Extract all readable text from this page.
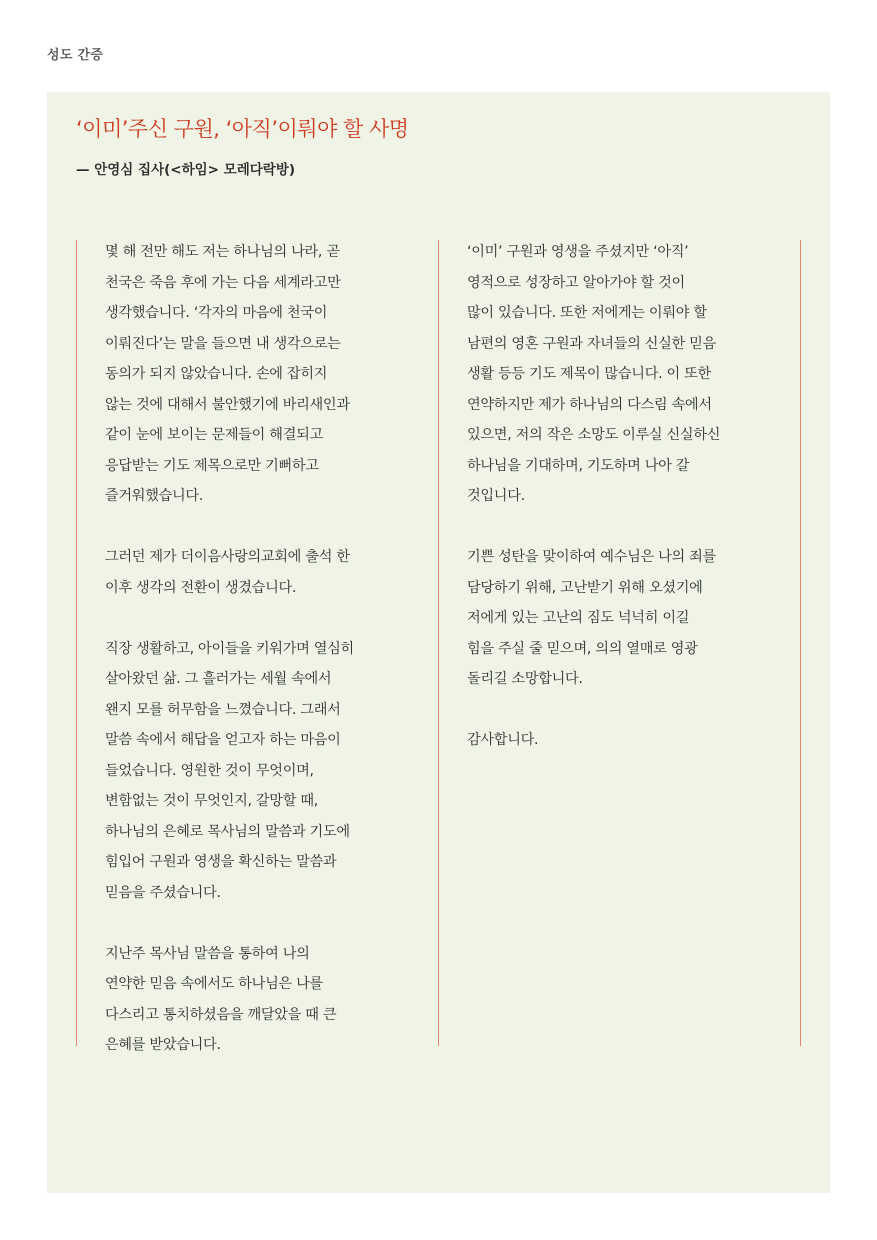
성도 간증
‘이미’주신 구원, ‘아직’이뤄야 할 사명
— 안영심 집사(<하임> 모레다락방)

몇 해 전만 해도 저는 하나님의 나라, 곧
천국은 죽음 후에 가는 다음 세계라고만
생각했습니다. ‘각자의 마음에 천국이
이뤄진다’는 말을 들으면 내 생각으로는
동의가 되지 않았습니다. 손에 잡히지
않는 것에 대해서 불안했기에 바리새인과
같이 눈에 보이는 문제들이 해결되고
응답받는 기도 제목으로만 기뻐하고
즐거워했습니다.

그러던 제가 더이음사랑의교회에 출석 한
이후 생각의 전환이 생겼습니다.

직장 생활하고, 아이들을 키워가며 열심히
살아왔던 삶. 그 흘러가는 세월 속에서
왠지 모를 허무함을 느꼈습니다. 그래서
말씀 속에서 해답을 얻고자 하는 마음이
들었습니다. 영원한 것이 무엇이며,
변함없는 것이 무엇인지, 갈망할 때,
하나님의 은혜로 목사님의 말씀과 기도에
힘입어 구원과 영생을 확신하는 말씀과
믿음을 주셨습니다.

지난주 목사님 말씀을 통하여 나의
연약한 믿음 속에서도 하나님은 나를
다스리고 통치하셨음을 깨달았을 때 큰
은혜를 받았습니다.

‘이미’ 구원과 영생을 주셨지만 ‘아직’
영적으로 성장하고 알아가야 할 것이
많이 있습니다. 또한 저에게는 이뤄야 할
남편의 영혼 구원과 자녀들의 신실한 믿음
생활 등등 기도 제목이 많습니다. 이 또한
연약하지만 제가 하나님의 다스림 속에서
있으면, 저의 작은 소망도 이루실 신실하신
하나님을 기대하며, 기도하며 나아 갈
것입니다.

기쁜 성탄을 맞이하여 예수님은 나의 죄를
담당하기 위해, 고난받기 위해 오셨기에
저에게 있는 고난의 짐도 넉넉히 이길
힘을 주실 줄 믿으며, 의의 열매로 영광
돌리길 소망합니다.

감사합니다.
